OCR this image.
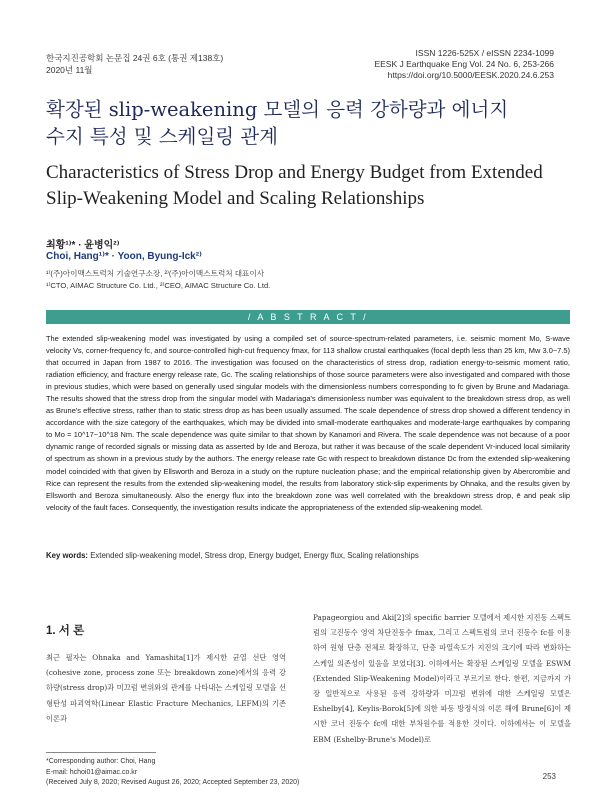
한국지진공학회 논문집 24권 6호 (통권 제138호)
2020년 11월
ISSN 1226-525X / eISSN 2234-1099
EESK J Earthquake Eng Vol. 24 No. 6, 253-266
https://doi.org/10.5000/EESK.2020.24.6.253
확장된 slip-weakening 모델의 응력 강하량과 에너지
수지 특성 및 스케일링 관계
Characteristics of Stress Drop and Energy Budget from Extended
Slip-Weakening Model and Scaling Relationships
최황¹⁾* · 윤병익²⁾
Choi, Hang¹⁾* · Yoon, Byung-Ick²⁾
¹⁾(주)아이맥스트럭처 기술연구소장, ²⁾(주)아이맥스트럭처 대표이사
¹⁾CTO, AIMAC Structure Co. Ltd., ²⁾CEO, AIMAC Structure Co. Ltd.
/ A B S T R A C T /
The extended slip-weakening model was investigated by using a compiled set of source-spectrum-related parameters, i.e. seismic moment Mo, S-wave velocity Vs, corner-frequency fc, and source-controlled high-cut frequency fmax, for 113 shallow crustal earthquakes (focal depth less than 25 km, Mw 3.0~7.5) that occurred in Japan from 1987 to 2016. The investigation was focused on the characteristics of stress drop, radiation energy-to-seismic moment ratio, radiation efficiency, and fracture energy release rate, Gc. The scaling relationships of those source parameters were also investigated and compared with those in previous studies, which were based on generally used singular models with the dimensionless numbers corresponding to fc given by Brune and Madariaga. The results showed that the stress drop from the singular model with Madariaga's dimensionless number was equivalent to the breakdown stress drop, as well as Brune's effective stress, rather than to static stress drop as has been usually assumed. The scale dependence of stress drop showed a different tendency in accordance with the size category of the earthquakes, which may be divided into small-moderate earthquakes and moderate-large earthquakes by comparing to Mo = 10^17~10^18 Nm. The scale dependence was quite similar to that shown by Kanamori and Rivera. The scale dependence was not because of a poor dynamic range of recorded signals or missing data as asserted by Ide and Beroza, but rather it was because of the scale dependent Vr-induced local similarity of spectrum as shown in a previous study by the authors. The energy release rate Gc with respect to breakdown distance Dc from the extended slip-weakening model coincided with that given by Ellsworth and Beroza in a study on the rupture nucleation phase; and the empirical relationship given by Abercrombie and Rice can represent the results from the extended slip-weakening model, the results from laboratory stick-slip experiments by Ohnaka, and the results given by Ellsworth and Beroza simultaneously. Also the energy flux into the breakdown zone was well correlated with the breakdown stress drop, ē and peak slip velocity of the fault faces. Consequently, the investigation results indicate the appropriateness of the extended slip-weakening model.
Key words: Extended slip-weakening model, Stress drop, Energy budget, Energy flux, Scaling relationships
1. 서 론
최근 필자는 Ohnaka and Yamashita[1]가 제시한 균열 선단 영역(cohesive zone, process zone 또는 breakdown zone)에서의 응력 강하량(stress drop)과 미끄럼 변위와의 관계를 나타내는 스케일링 모델을 선형탄성 파괴역학(Linear Elastic Fracture Mechanics, LEFM)의 기존 이론과
Papageorgiou and Aki[2]의 specific barrier 모델에서 제시한 지진동 스펙트럼의 고진동수 영역 차단진동수 fmax, 그리고 스펙트럼의 코너 진동수 fc를 이용하여 원형 단층 전체로 확장하고, 단층 파열속도가 지진의 크기에 따라 변화하는 스케일 의존성이 있음을 보였다[3]. 이하에서는 확장된 스케일링 모델을 ESWM (Extended Slip-Weakening Model)이라고 부르기로 한다. 한편, 지금까지 가장 일반적으로 사용된 응력 강하량과 미끄럼 변위에 대한 스케일링 모델은 Eshelby[4], Keylis-Borok[5]에 의한 파동 방정식의 이론 해에 Brune[6]이 제시한 코너 진동수 fc에 대한 부차원수를 적용한 것이다. 이하에서는 이 모델을 EBM (Eshelby-Brune's Model)로
*Corresponding author: Choi, Hang
E-mail: hchoi01@aimac.co.kr
(Received July 8, 2020; Revised August 26, 2020; Accepted September 23, 2020)
253
